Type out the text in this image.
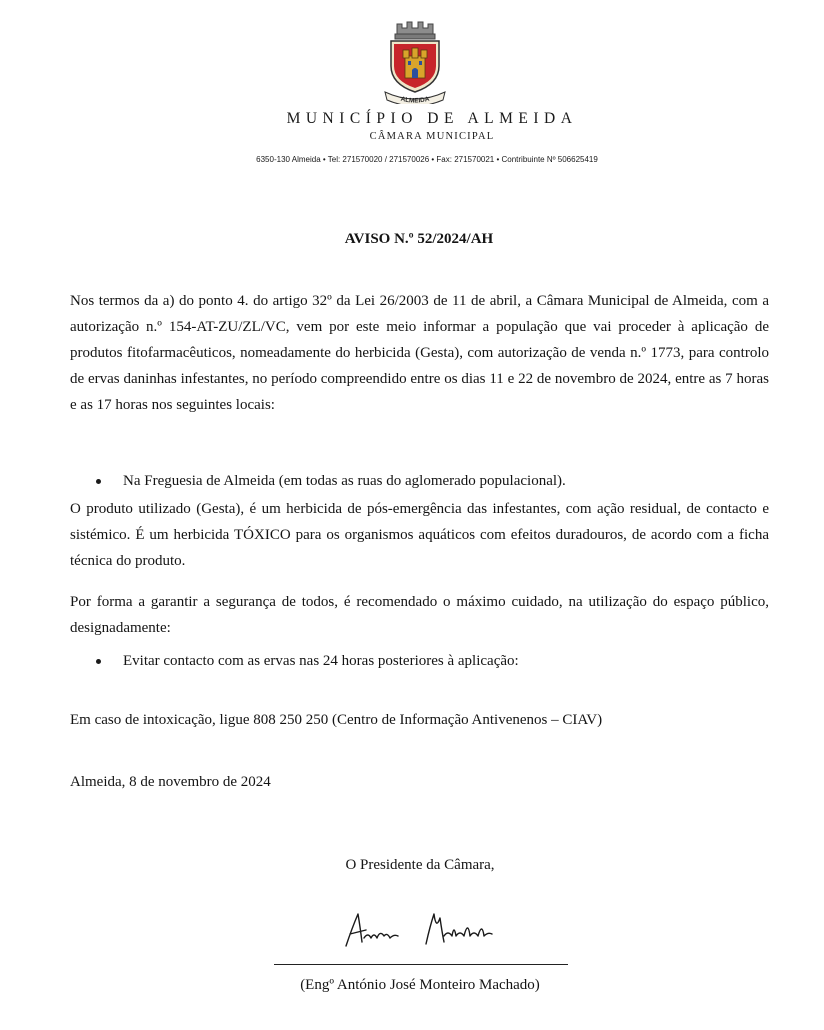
ALMEIDA
MUNICÍPIO DE ALMEIDA
CÂMARA MUNICIPAL
6350-130 Almeida • Tel: 271570020 / 271570026 • Fax: 271570021 • Contribuinte Nº 506625419
AVISO N.º 52/2024/AH
Nos termos da a) do ponto 4. do artigo 32º da Lei 26/2003 de 11 de abril, a Câmara Municipal de Almeida, com a autorização n.º 154-AT-ZU/ZL/VC, vem por este meio informar a população que vai proceder à aplicação de produtos fitofarmacêuticos, nomeadamente do herbicida (Gesta), com autorização de venda n.º 1773, para controlo de ervas daninhas infestantes, no período compreendido entre os dias 11 e 22 de novembro de 2024, entre as 7 horas e as 17 horas nos seguintes locais:
Na Freguesia de Almeida (em todas as ruas do aglomerado populacional).
O produto utilizado (Gesta), é um herbicida de pós-emergência das infestantes, com ação residual, de contacto e sistémico. É um herbicida TÓXICO para os organismos aquáticos com efeitos duradouros, de acordo com a ficha técnica do produto.
Por forma a garantir a segurança de todos, é recomendado o máximo cuidado, na utilização do espaço público, designadamente:
Evitar contacto com as ervas nas 24 horas posteriores à aplicação:
Em caso de intoxicação, ligue 808 250 250 (Centro de Informação Antivenenos – CIAV)
Almeida, 8 de novembro de 2024
O Presidente da Câmara,
(Engº António José Monteiro Machado)
